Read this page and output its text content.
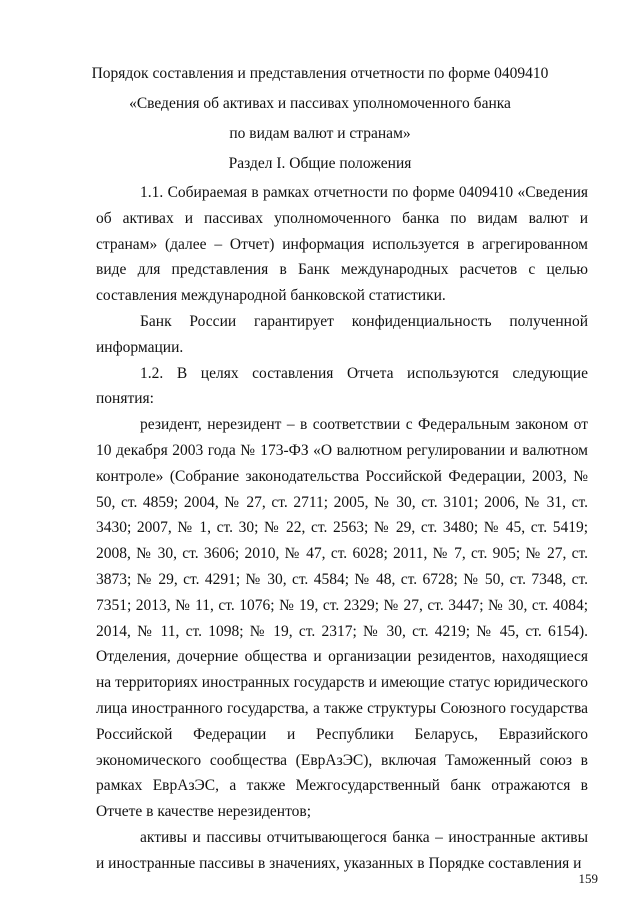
Порядок составления и представления отчетности по форме 0409410
«Сведения об активах и пассивах уполномоченного банка
по видам валют и странам»
Раздел I. Общие положения

1.1. Собираемая в рамках отчетности по форме 0409410 «Сведения об активах и пассивах уполномоченного банка по видам валют и странам» (далее – Отчет) информация используется в агрегированном виде для представления в Банк международных расчетов с целью составления международной банковской статистики.

Банк России гарантирует конфиденциальность полученной информации.

1.2. В целях составления Отчета используются следующие понятия:

резидент, нерезидент – в соответствии с Федеральным законом от 10 декабря 2003 года № 173-ФЗ «О валютном регулировании и валютном контроле» (Собрание законодательства Российской Федерации, 2003, № 50, ст. 4859; 2004, № 27, ст. 2711; 2005, № 30, ст. 3101; 2006, № 31, ст. 3430; 2007, № 1, ст. 30; № 22, ст. 2563; № 29, ст. 3480; № 45, ст. 5419; 2008, № 30, ст. 3606; 2010, № 47, ст. 6028; 2011, № 7, ст. 905; № 27, ст. 3873; № 29, ст. 4291; № 30, ст. 4584; № 48, ст. 6728; № 50, ст. 7348, ст. 7351; 2013, № 11, ст. 1076; № 19, ст. 2329; № 27, ст. 3447; № 30, ст. 4084; 2014, № 11, ст. 1098; № 19, ст. 2317; № 30, ст. 4219; № 45, ст. 6154). Отделения, дочерние общества и организации резидентов, находящиеся на территориях иностранных государств и имеющие статус юридического лица иностранного государства, а также структуры Союзного государства Российской Федерации и Республики Беларусь, Евразийского экономического сообщества (ЕврАзЭС), включая Таможенный союз в рамках ЕврАзЭС, а также Межгосударственный банк отражаются в Отчете в качестве нерезидентов;

активы и пассивы отчитывающегося банка – иностранные активы и иностранные пассивы в значениях, указанных в Порядке составления и

159
